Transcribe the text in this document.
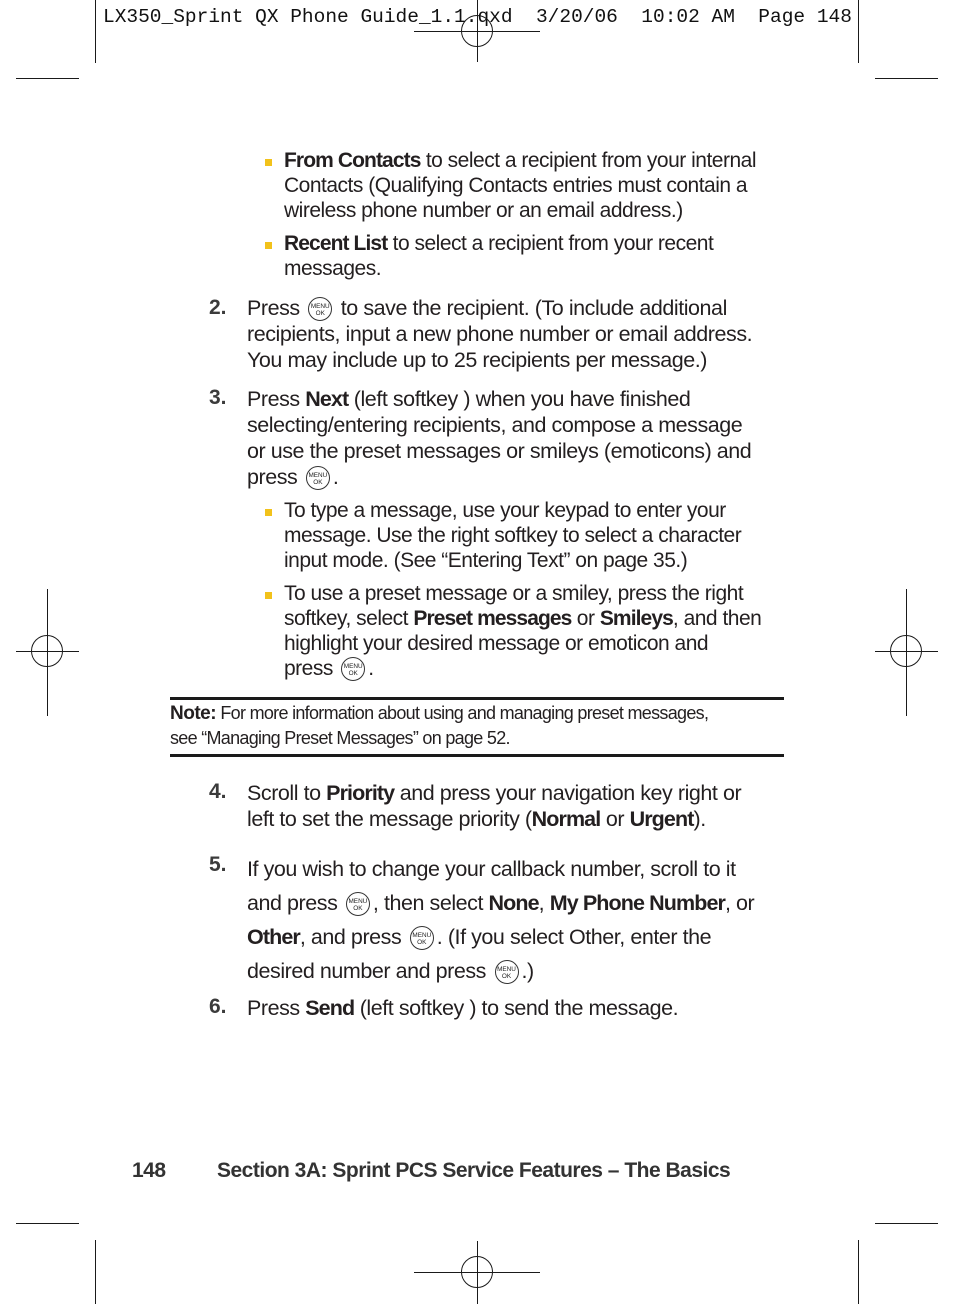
LX350_Sprint QX Phone Guide_1.1.qxd  3/20/06  10:02 AM  Page 148
From Contacts to select a recipient from your internal
Contacts (Qualifying Contacts entries must contain a
wireless phone number or an email address.)
Recent List to select a recipient from your recent
messages.
2. Press MENU
OK to save the recipient. (To include additional
recipients, input a new phone number or email address.
You may include up to 25 recipients per message.)
3. Press Next (left softkey ) when you have finished
selecting/entering recipients, and compose a message
or use the preset messages or smileys (emoticons) and
press MENU
OK .
To type a message, use your keypad to enter your
message. Use the right softkey to select a character
input mode. (See “Entering Text” on page 35.)
To use a preset message or a smiley, press the right
softkey, select Preset messages or Smileys, and then
highlight your desired message or emoticon and
press MENU
OK .
Note: For more information about using and managing preset messages,
see “Managing Preset Messages” on page 52.
4. Scroll to Priority and press your navigation key right or
left to set the message priority (Normal or Urgent).
5. If you wish to change your callback number, scroll to it
and press MENU
OK , then select None, My Phone Number, or
Other, and press MENU
OK . (If you select Other, enter the
desired number and press MENU
OK .)
6. Press Send (left softkey ) to send the message.
148 Section 3A: Sprint PCS Service Features – The Basics
